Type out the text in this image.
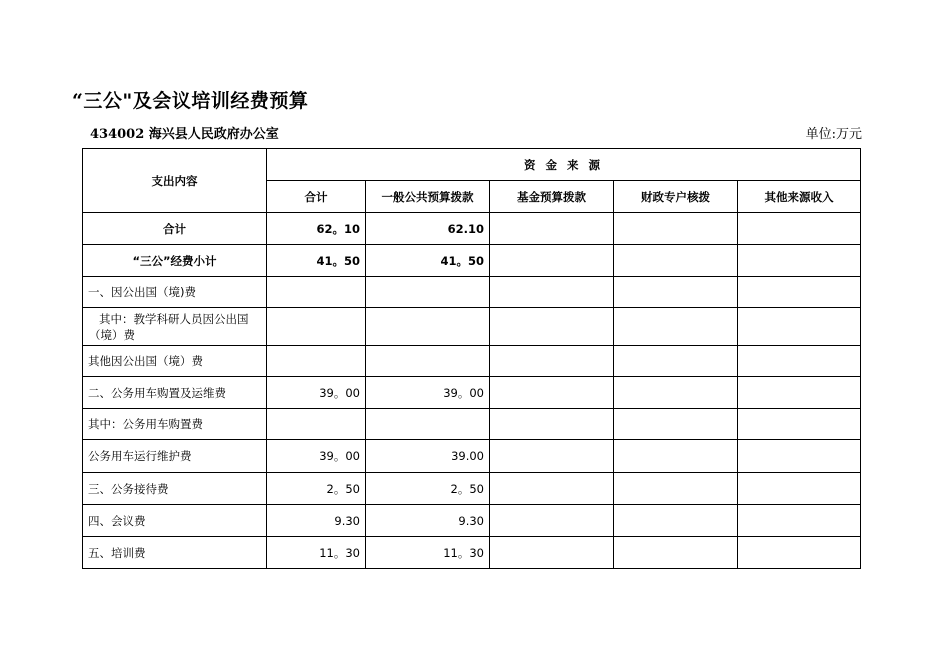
“三公"及会议培训经费预算
434002 海兴县人民政府办公室	单位:万元
支出内容	资 金 来 源				
	合计	一般公共预算拨款	基金预算拨款	财政专户核拨	其他来源收入
合计	62。10	62.10			
“三公”经费小计	41。50	41。50			
一、因公出国（境)费					
其中：教学科研人员因公出国（境）费					
其他因公出国（境）费					
二、公务用车购置及运维费	39。00	39。00			
其中：公务用车购置费					
公务用车运行维护费	39。00	39.00			
三、公务接待费	2。50	2。50			
四、会议费	9.30	9.30			
五、培训费	11。30	11。30			
